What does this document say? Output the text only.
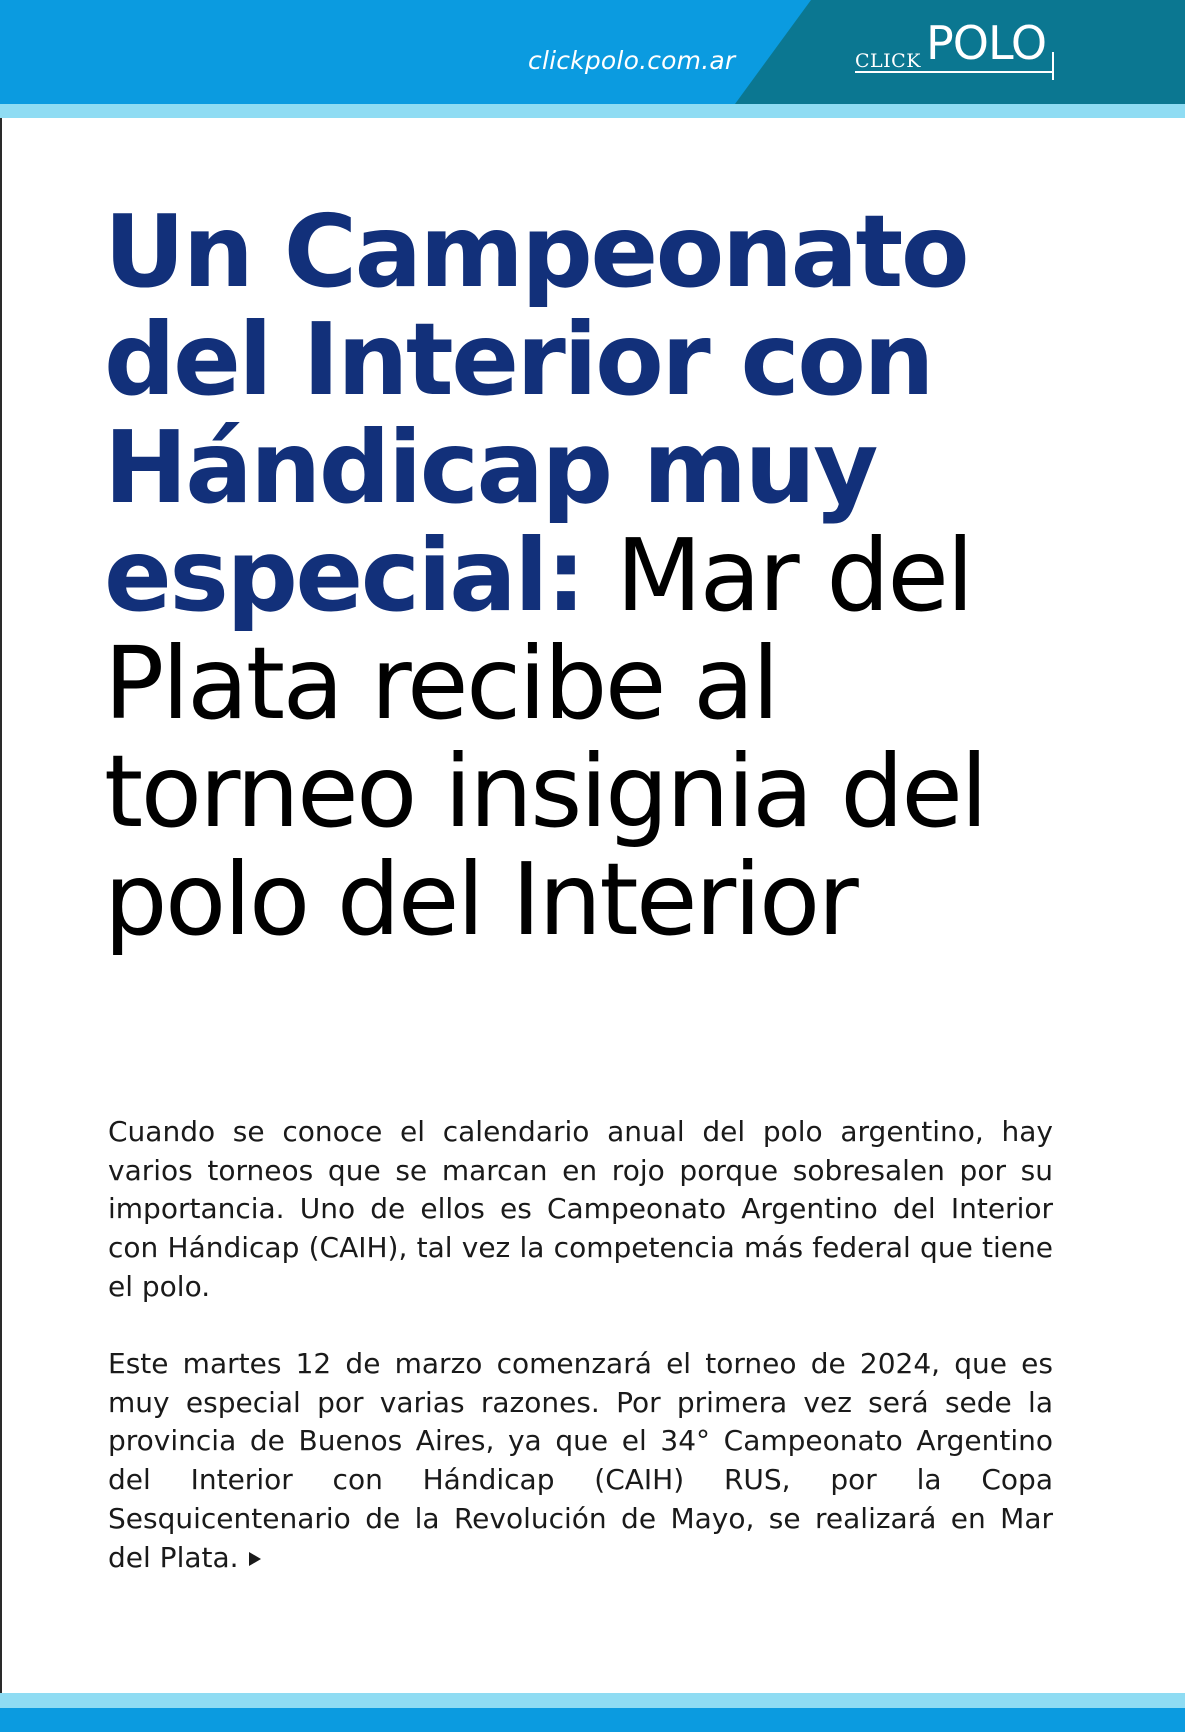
clickpolo.com.ar	CLICK POLO
Un Campeonato del Interior con Hándicap muy especial: Mar del Plata recibe al torneo insignia del polo del Interior

Cuando se conoce el calendario anual del polo argentino, hay varios torneos que se marcan en rojo porque sobresalen por su importancia. Uno de ellos es Campeonato Argentino del Interior con Hándicap (CAIH), tal vez la competencia más federal que tiene el polo.

Este martes 12 de marzo comenzará el torneo de 2024, que es muy especial por varias razones. Por primera vez será sede la provincia de Buenos Aires, ya que el 34° Campeonato Argentino del Interior con Hándicap (CAIH) RUS, por la Copa Sesquicentenario de la Revolución de Mayo, se realizará en Mar del Plata.
